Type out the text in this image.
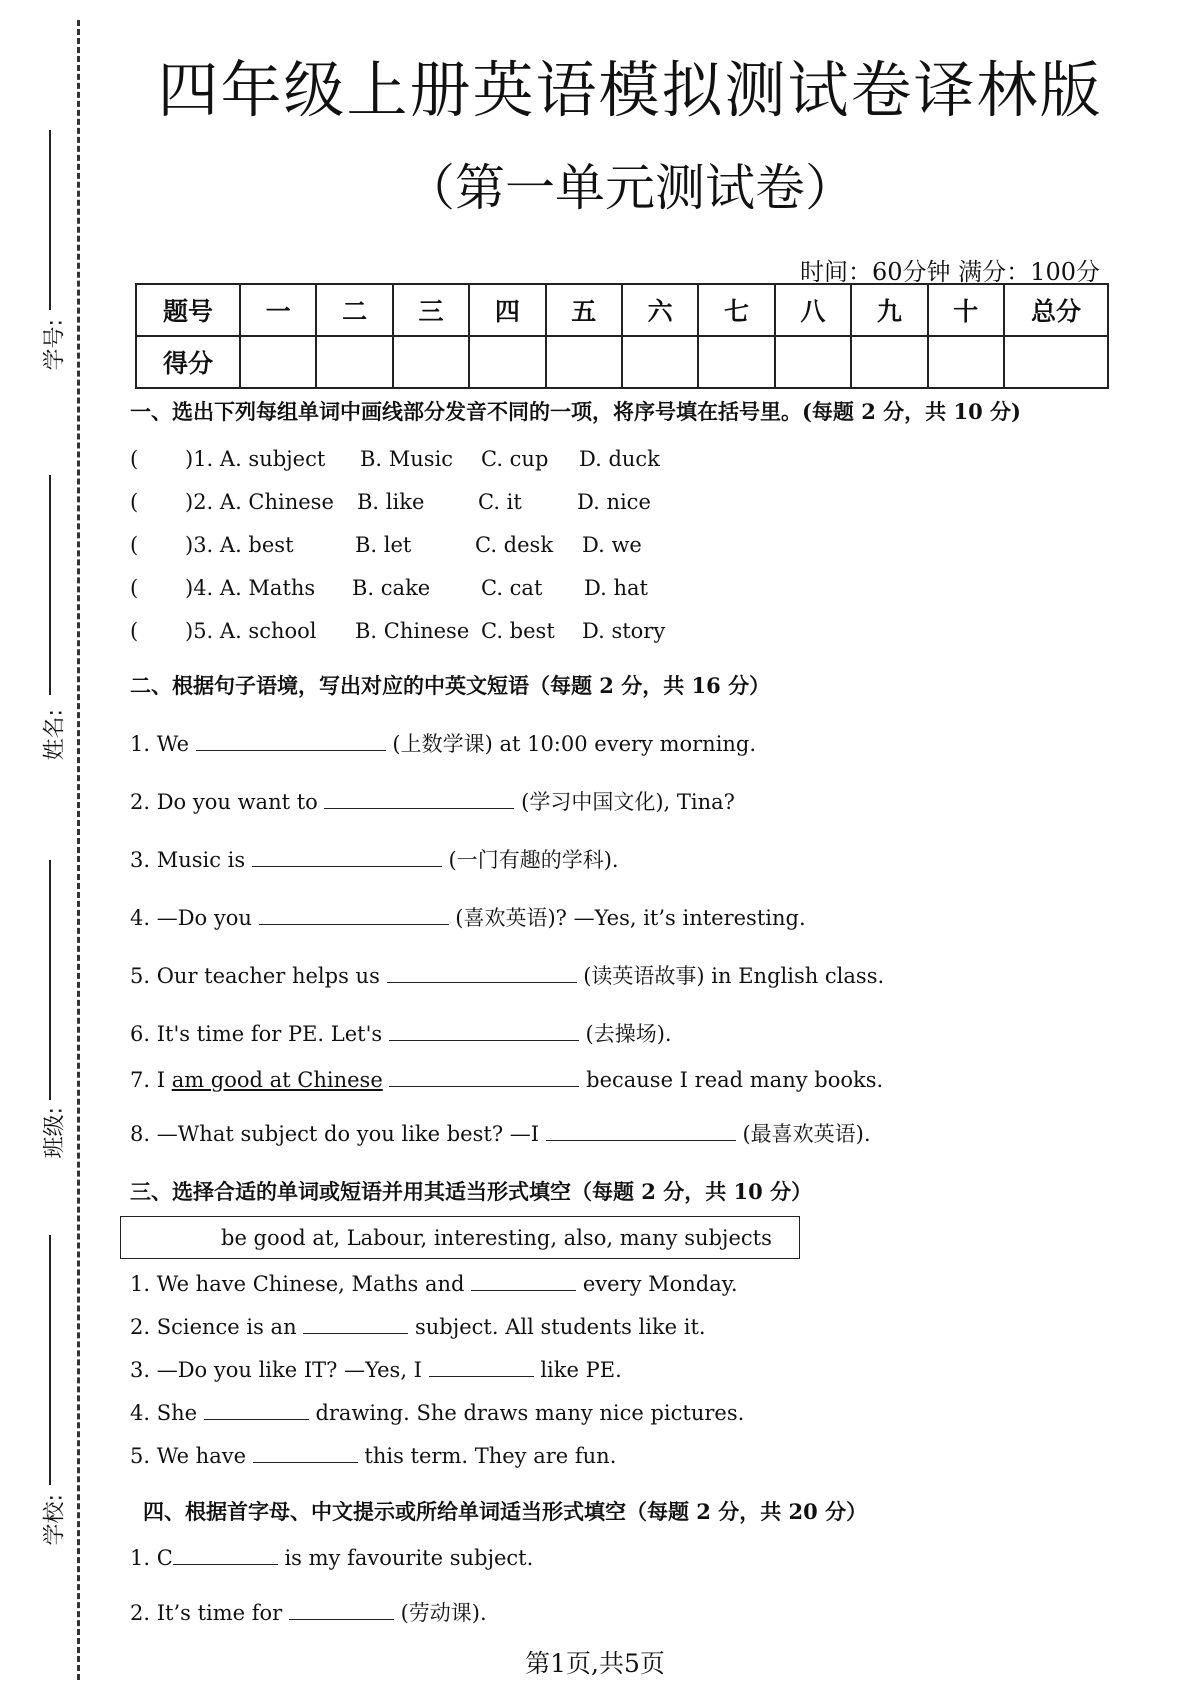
学号:
姓名:
班级:
学校:
四年级上册英语模拟测试卷译林版
（第一单元测试卷）
时间：60分钟 满分：100分
题号	一	二	三	四	五	六	七	八	九	十	总分
得分											
一、选出下列每组单词中画线部分发音不同的一项，将序号填在括号里。(每题 2 分，共 10 分)
( )1. A. subject B. Music C. cup D. duck
( )2. A. Chinese B. like	C. it	D. nice
( )3. A. best	B. let	C. desk D. we
( )4. A. Maths B. cake C. cat D. hat
( )5. A. school B. Chinese C. best D. story
二、根据句子语境，写出对应的中英文短语（每题 2 分，共 16 分）
1. We	(上数学课) at 10:00 every morning.
2. Do you want to	(学习中国文化), Tina?
3. Music is	(一门有趣的学科).
4. —Do you	(喜欢英语)? —Yes, it’s interesting.
5. Our teacher helps us	(读英语故事) in English class.
6. It's time for PE. Let's	(去操场).
7. I am good at Chinese	because I read many books.
8. —What subject do you like best? —I	(最喜欢英语).
三、选择合适的单词或短语并用其适当形式填空（每题 2 分，共 10 分）
be good at, Labour, interesting, also, many subjects
1. We have Chinese, Maths and	every Monday.
2. Science is an	subject. All students like it.
3. —Do you like IT? —Yes, I	like PE.
4. She	drawing. She draws many nice pictures.
5. We have	this term. They are fun.
四、根据首字母、中文提示或所给单词适当形式填空（每题 2 分，共 20 分）
1. C	is my favourite subject.
2. It’s time for	(劳动课).
第1页,共5页
